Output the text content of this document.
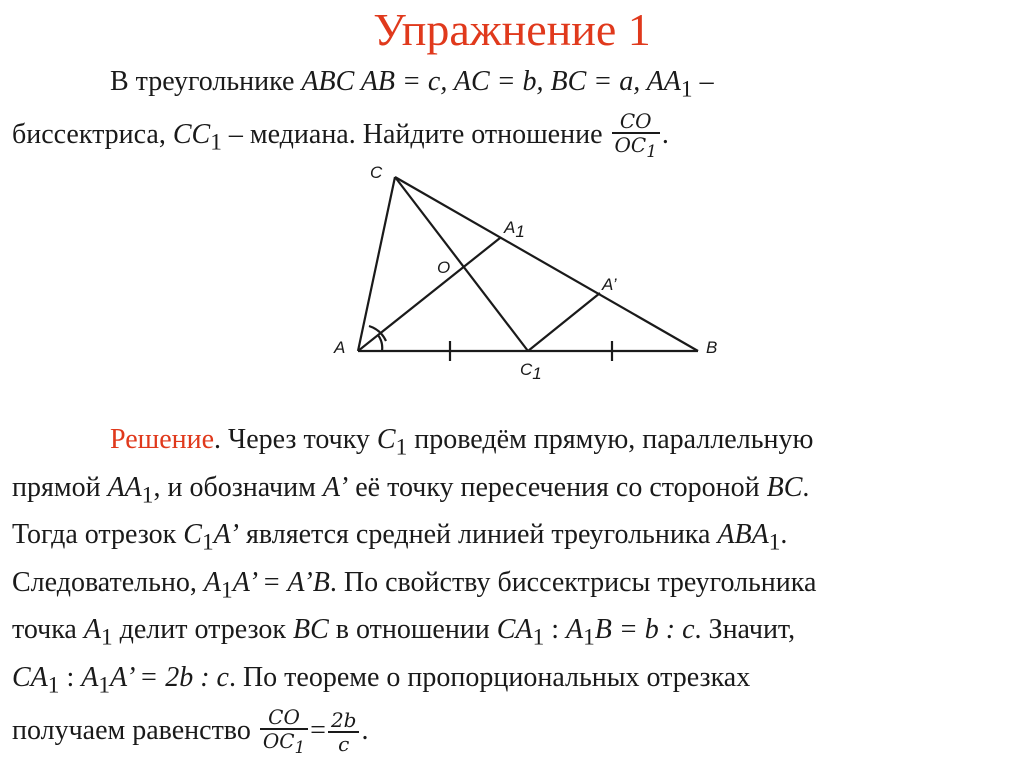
Упражнение 1
В треугольнике ABC AB = c, AC = b, BC = a, $AA_1$ –
биссектриса, $CC_1$ – медиана. Найдите отношение $\frac{CO}{OC_1}$ .
C
A1
O
A’
A	B
C1
Решение. Через точку $C_1$ проведём прямую, параллельную
прямой $AA_1$, и обозначим A’ её точку пересечения со стороной BC.
Тогда отрезок $C_1A$’ является средней линией треугольника $ABA_1$.
Следовательно, $A_1A$’ = A’B. По свойству биссектрисы треугольника
точка $A_1$ делит отрезок BC в отношении $CA_1$ : $A_1B = b$ : c. Значит,
$CA_1$ : $A_1A$’ = 2b : c. По теореме о пропорциональных отрезках
получаем равенство $\frac{CO}{OC_1} = \frac{2b}{c}$ .
